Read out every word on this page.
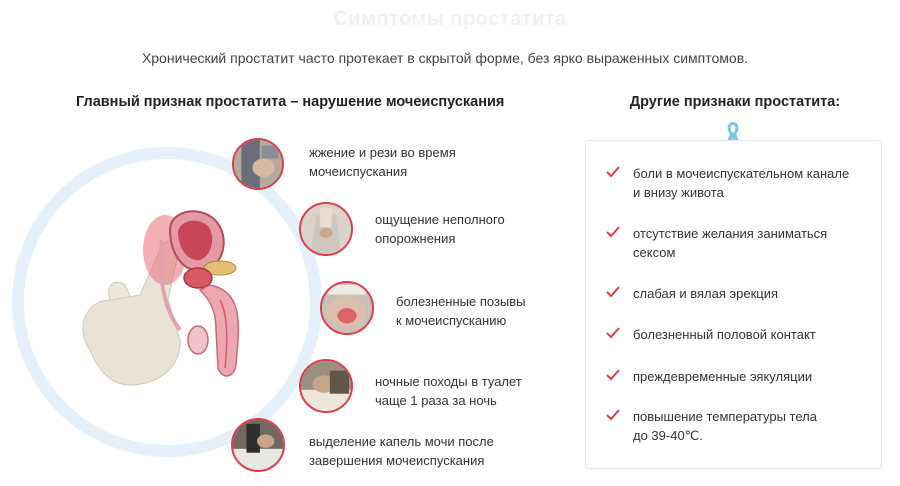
Симптомы простатита
Хронический простатит часто протекает в скрытой форме, без ярко выраженных симптомов.
Главный признак простатита – нарушение мочеиспускания	Другие признаки простатита:
жжение и рези во время
мочеиспускания
ощущение неполного
опорожнения
болезненные позывы
к мочеиспусканию
ночные походы в туалет
чаще 1 раза за ночь
выделение капель мочи после
завершения мочеиспускания
боли в мочеиспускательном канале
и внизу живота
отсутствие желания заниматься
сексом
слабая и вялая эрекция
болезненный половой контакт
преждевременные эякуляции
повышение температуры тела
до 39-40℃.
